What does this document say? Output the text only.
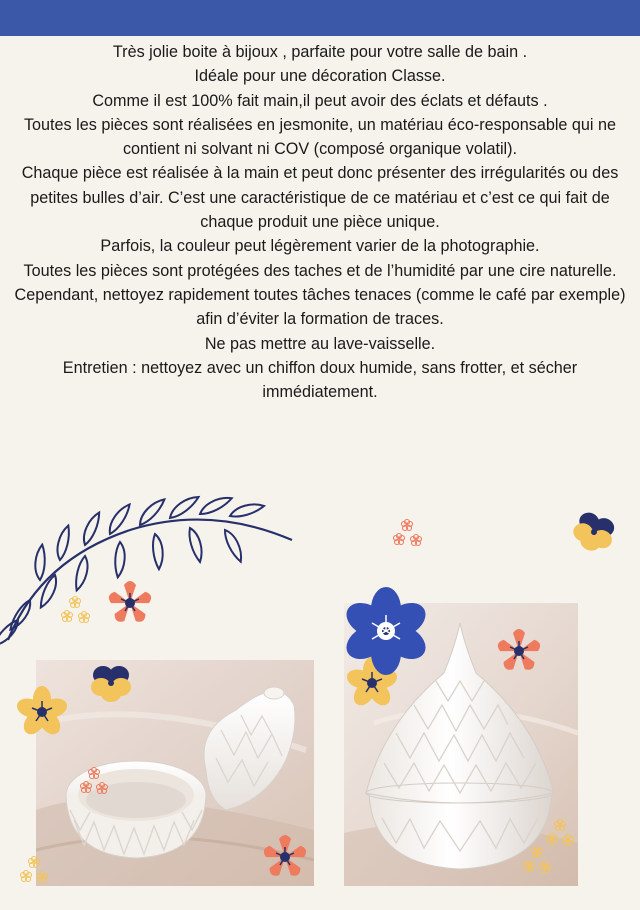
Très jolie boite à bijoux , parfaite pour votre salle de bain .

Idéale pour une décoration Classe.

Comme il est 100% fait main,il peut avoir des éclats et défauts .

Toutes les pièces sont réalisées en jesmonite, un matériau éco-responsable qui ne contient ni solvant ni COV (composé organique volatil).

Chaque pièce est réalisée à la main et peut donc présenter des irrégularités ou des petites bulles d’air. C’est une caractéristique de ce matériau et c’est ce qui fait de chaque produit une pièce unique.

Parfois, la couleur peut légèrement varier de la photographie.

Toutes les pièces sont protégées des taches et de l’humidité par une cire naturelle. Cependant, nettoyez rapidement toutes tâches tenaces (comme le café par exemple) afin d’éviter la formation de traces.

Ne pas mettre au lave-vaisselle.

Entretien : nettoyez avec un chiffon doux humide, sans frotter, et sécher immédiatement.
